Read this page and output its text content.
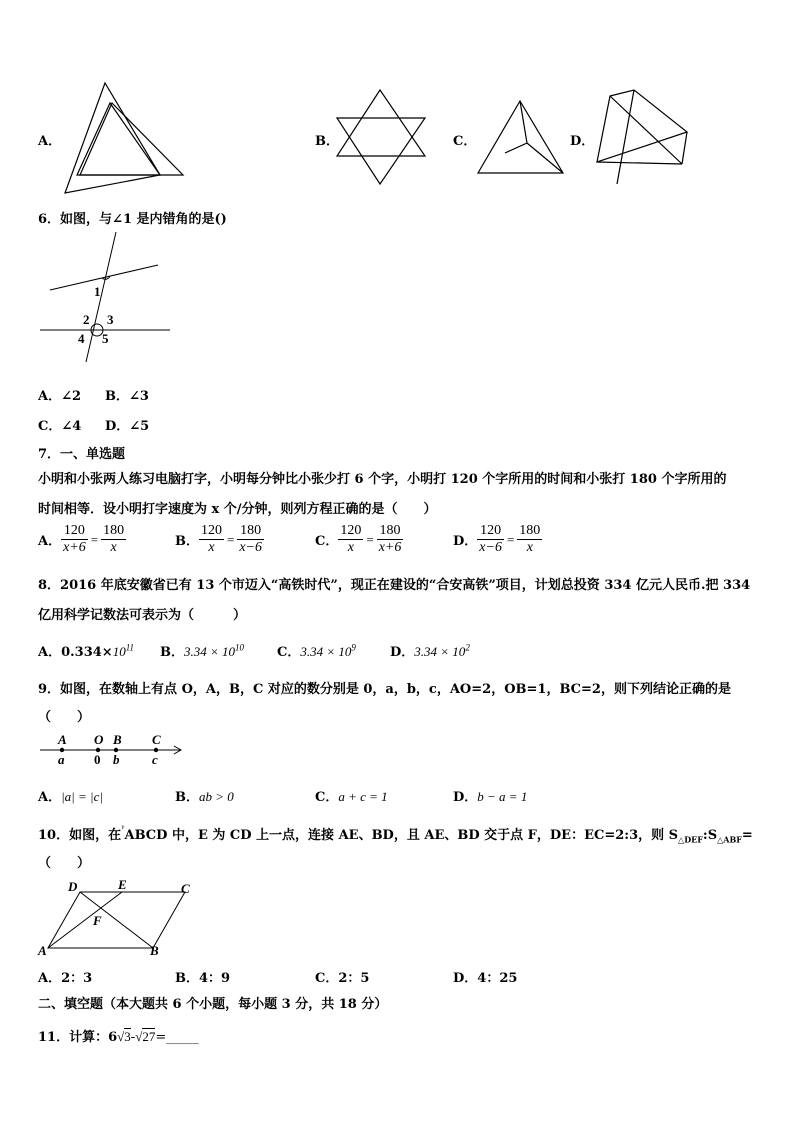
A．	B．	C．	D．
6．如图，与∠1 是内错角的是()
1
2 3
4 5
A．∠2 B．∠3
C．∠4 D．∠5
7．一、单选题
小明和小张两人练习电脑打字，小明每分钟比小张少打 6 个字，小明打 120 个字所用的时间和小张打 180 个字所用的
时间相等．设小明打字速度为 x 个/分钟，则列方程正确的是（　　）
A． $\frac{120}{x+6} = \frac{180}{x}$	B． $\frac{120}{x} = \frac{180}{x-6}$	C． $\frac{120}{x} = \frac{180}{x+6}$	D． $\frac{120}{x-6} = \frac{180}{x}$
8．2016 年底安徽省已有 13 个市迈入“高铁时代”，现正在建设的“合安高铁”项目，计划总投资 334 亿元人民币.把 334
亿用科学记数法可表示为（　　　）
A．$0.334\times 10^{11}$ B．$3.34 \times 10^{10}$	C．$3.34 \times 10^9$	D．$3.34 \times 10^2$
9．如图，在数轴上有点 O，A，B，C 对应的数分别是 0，a，b，c，AO=2，OB=1，BC=2，则下列结论正确的是
（　　）
A O B C
a 0 b	c
A．|a| = |c|	B．ab > 0	C．a + c = 1	D．b − a = 1
10．如图，在$^ᵞ$ABCD 中，E 为 CD 上一点，连接 AE、BD，且 AE、BD 交于点 F，DE：EC=2:3，则 $S_{\triangle DEF}:S_{\triangle ABF}=$
（　　）
D	E	C
F
A	B
A．2：3	B．4：9	C．2：5	D．4：25
二、填空题（本大题共 6 个小题，每小题 3 分，共 18 分）
11．计算：6√3-√27=_____
